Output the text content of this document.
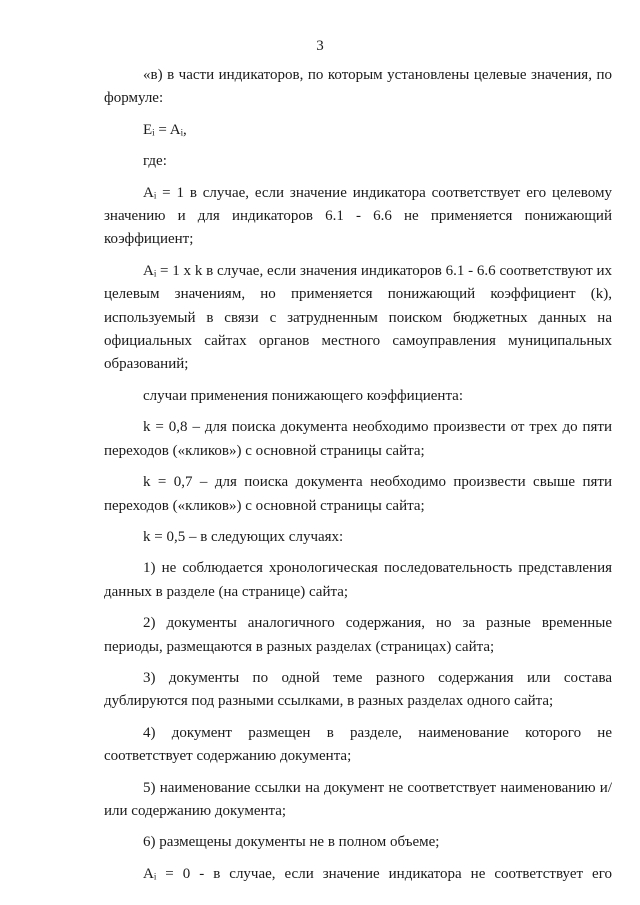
3

«в) в части индикаторов, по которым установлены целевые значения, по формуле:

Eᵢ = Aᵢ,

где:

Aᵢ = 1 в случае, если значение индикатора соответствует его целевому значению и для индикаторов 6.1 - 6.6 не применяется понижающий коэффициент;

Aᵢ = 1 x k в случае, если значения индикаторов 6.1 - 6.6 соответствуют их целевым значениям, но применяется понижающий коэффициент (k), используемый в связи с затрудненным поиском бюджетных данных на официальных сайтах органов местного самоуправления муниципальных образований;

случаи применения понижающего коэффициента:

k = 0,8 – для поиска документа необходимо произвести от трех до пяти переходов («кликов») с основной страницы сайта;

k = 0,7 – для поиска документа необходимо произвести свыше пяти переходов («кликов») с основной страницы сайта;

k = 0,5 – в следующих случаях:

1) не соблюдается хронологическая последовательность представления данных в разделе (на странице) сайта;

2) документы аналогичного содержания, но за разные временные периоды, размещаются в разных разделах (страницах) сайта;

3) документы по одной теме разного содержания или состава дублируются под разными ссылками, в разных разделах одного сайта;

4) документ размещен в разделе, наименование которого не соответствует содержанию документа;

5) наименование ссылки на документ не соответствует наименованию и/или содержанию документа;

6) размещены документы не в полном объеме;

Aᵢ = 0 - в случае, если значение индикатора не соответствует его
